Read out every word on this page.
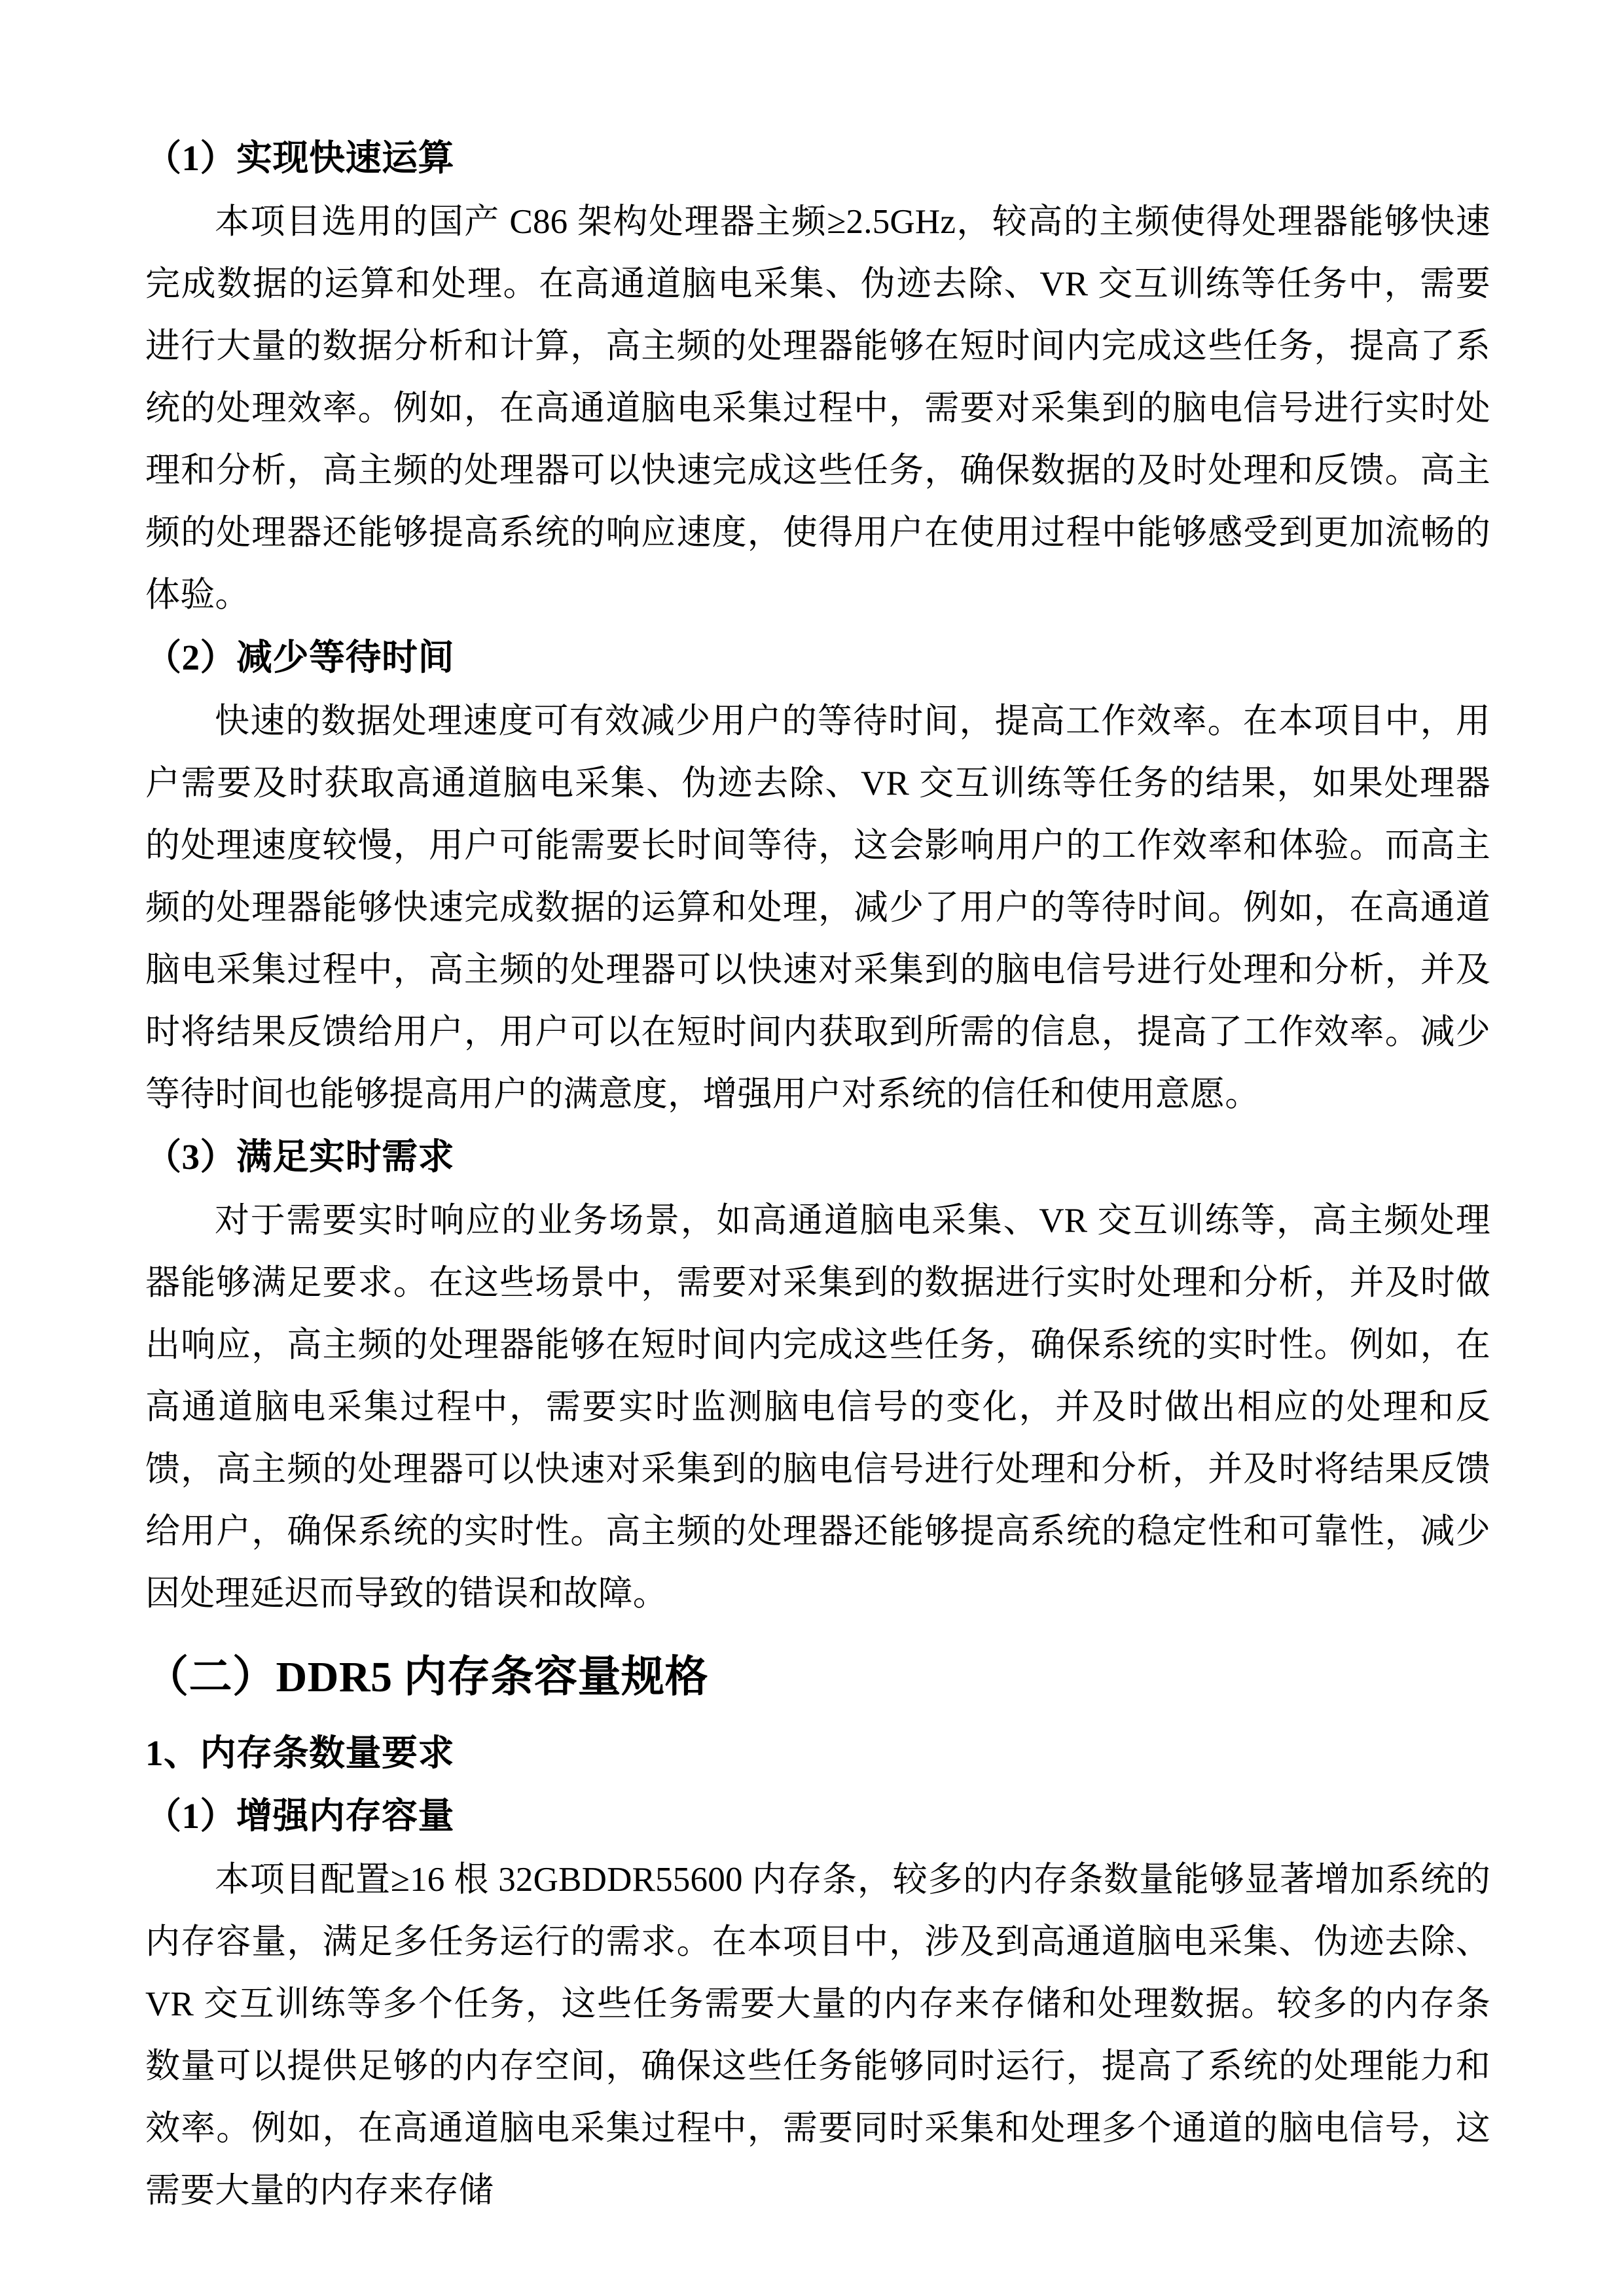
（1）实现快速运算

本项目选用的国产 C86 架构处理器主频≥2.5GHz，较高的主频使得处理器能够快速完成数据的运算和处理。在高通道脑电采集、伪迹去除、VR 交互训练等任务中，需要进行大量的数据分析和计算，高主频的处理器能够在短时间内完成这些任务，提高了系统的处理效率。例如，在高通道脑电采集过程中，需要对采集到的脑电信号进行实时处理和分析，高主频的处理器可以快速完成这些任务，确保数据的及时处理和反馈。高主频的处理器还能够提高系统的响应速度，使得用户在使用过程中能够感受到更加流畅的体验。

（2）减少等待时间

快速的数据处理速度可有效减少用户的等待时间，提高工作效率。在本项目中，用户需要及时获取高通道脑电采集、伪迹去除、VR 交互训练等任务的结果，如果处理器的处理速度较慢，用户可能需要长时间等待，这会影响用户的工作效率和体验。而高主频的处理器能够快速完成数据的运算和处理，减少了用户的等待时间。例如，在高通道脑电采集过程中，高主频的处理器可以快速对采集到的脑电信号进行处理和分析，并及时将结果反馈给用户，用户可以在短时间内获取到所需的信息，提高了工作效率。减少等待时间也能够提高用户的满意度，增强用户对系统的信任和使用意愿。

（3）满足实时需求

对于需要实时响应的业务场景，如高通道脑电采集、VR 交互训练等，高主频处理器能够满足要求。在这些场景中，需要对采集到的数据进行实时处理和分析，并及时做出响应，高主频的处理器能够在短时间内完成这些任务，确保系统的实时性。例如，在高通道脑电采集过程中，需要实时监测脑电信号的变化，并及时做出相应的处理和反馈，高主频的处理器可以快速对采集到的脑电信号进行处理和分析，并及时将结果反馈给用户，确保系统的实时性。高主频的处理器还能够提高系统的稳定性和可靠性，减少因处理延迟而导致的错误和故障。

（二）DDR5 内存条容量规格
1、内存条数量要求
（1）增强内存容量

本项目配置≥16 根 32GBDDR55600 内存条，较多的内存条数量能够显著增加系统的内存容量，满足多任务运行的需求。在本项目中，涉及到高通道脑电采集、伪迹去除、VR 交互训练等多个任务，这些任务需要大量的内存来存储和处理数据。较多的内存条数量可以提供足够的内存空间，确保这些任务能够同时运行，提高了系统的处理能力和效率。例如，在高通道脑电采集过程中，需要同时采集和处理多个通道的脑电信号，这需要大量的内存来存储
